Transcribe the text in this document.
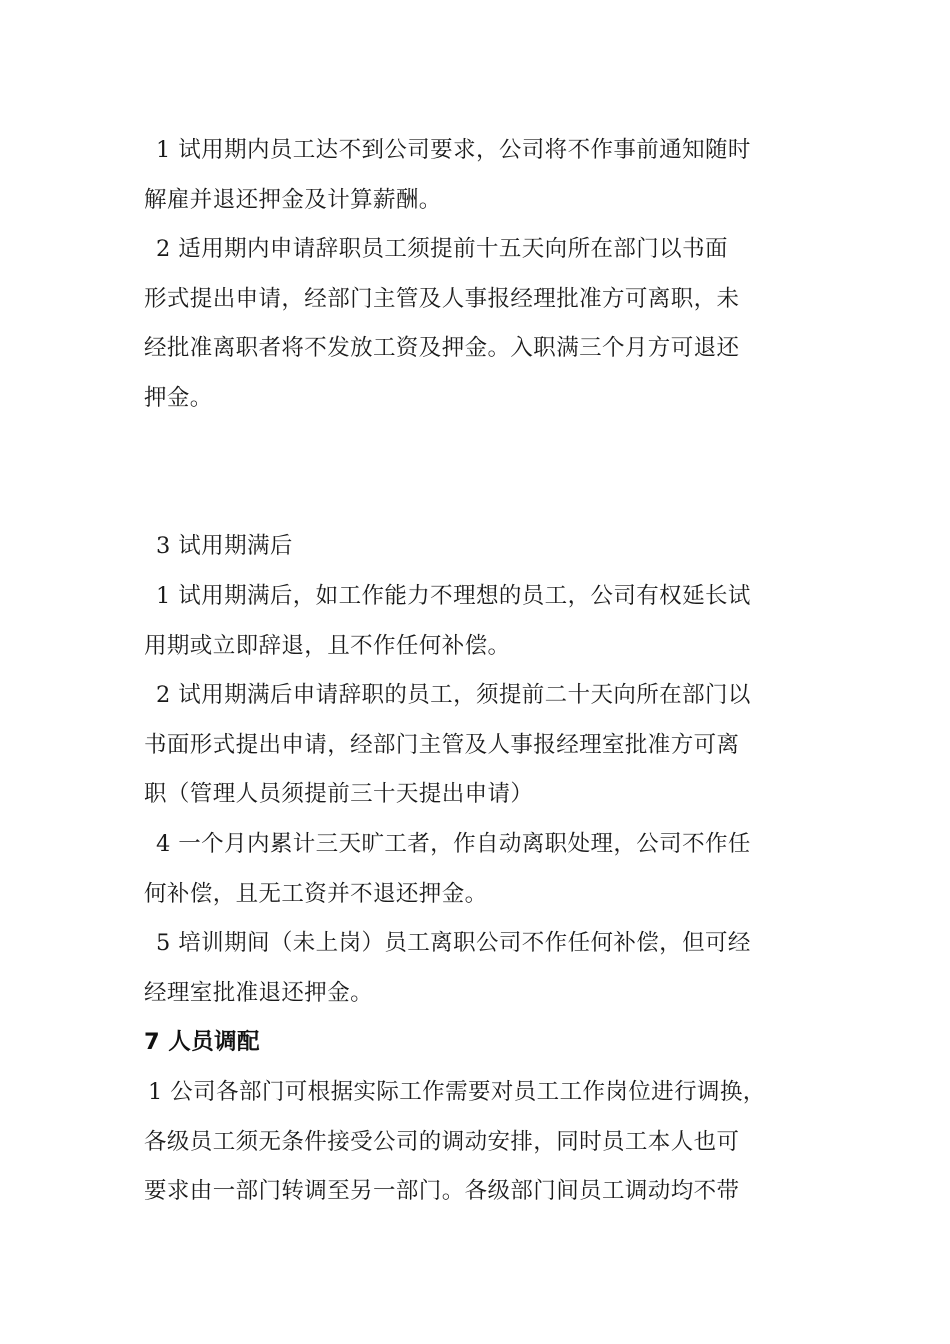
1 试用期内员工达不到公司要求，公司将不作事前通知随时
解雇并退还押金及计算薪酬。

2 适用期内申请辞职员工须提前十五天向所在部门以书面
形式提出申请，经部门主管及人事报经理批准方可离职，未
经批准离职者将不发放工资及押金。入职满三个月方可退还
押金。

3 试用期满后

1 试用期满后，如工作能力不理想的员工，公司有权延长试
用期或立即辞退，且不作任何补偿。

2 试用期满后申请辞职的员工，须提前二十天向所在部门以
书面形式提出申请，经部门主管及人事报经理室批准方可离
职（管理人员须提前三十天提出申请）

4 一个月内累计三天旷工者，作自动离职处理，公司不作任
何补偿，且无工资并不退还押金。

5 培训期间（未上岗）员工离职公司不作任何补偿，但可经
经理室批准退还押金。

7 人员调配

1 公司各部门可根据实际工作需要对员工工作岗位进行调换，
各级员工须无条件接受公司的调动安排，同时员工本人也可
要求由一部门转调至另一部门。各级部门间员工调动均不带
